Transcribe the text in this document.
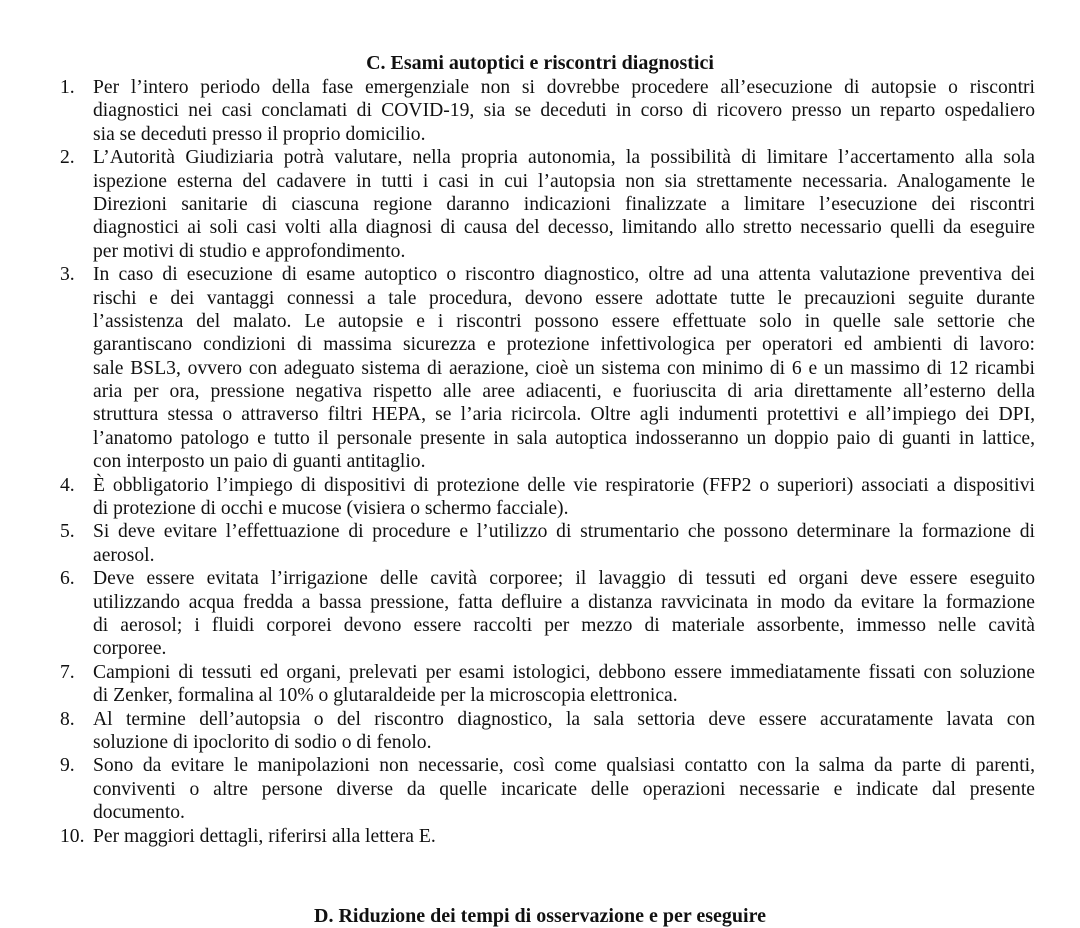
C. Esami autoptici e riscontri diagnostici
1. Per l’intero periodo della fase emergenziale non si dovrebbe procedere all’esecuzione di autopsie o riscontri
diagnostici nei casi conclamati di COVID-19, sia se deceduti in corso di ricovero presso un reparto ospedaliero
sia se deceduti presso il proprio domicilio.
2. L’Autorità Giudiziaria potrà valutare, nella propria autonomia, la possibilità di limitare l’accertamento alla sola
ispezione esterna del cadavere in tutti i casi in cui l’autopsia non sia strettamente necessaria. Analogamente le
Direzioni sanitarie di ciascuna regione daranno indicazioni finalizzate a limitare l’esecuzione dei riscontri
diagnostici ai soli casi volti alla diagnosi di causa del decesso, limitando allo stretto necessario quelli da eseguire
per motivi di studio e approfondimento.
3. In caso di esecuzione di esame autoptico o riscontro diagnostico, oltre ad una attenta valutazione preventiva dei
rischi e dei vantaggi connessi a tale procedura, devono essere adottate tutte le precauzioni seguite durante
l’assistenza del malato. Le autopsie e i riscontri possono essere effettuate solo in quelle sale settorie che
garantiscano condizioni di massima sicurezza e protezione infettivologica per operatori ed ambienti di lavoro:
sale BSL3, ovvero con adeguato sistema di aerazione, cioè un sistema con minimo di 6 e un massimo di 12 ricambi
aria per ora, pressione negativa rispetto alle aree adiacenti, e fuoriuscita di aria direttamente all’esterno della
struttura stessa o attraverso filtri HEPA, se l’aria ricircola. Oltre agli indumenti protettivi e all’impiego dei DPI,
l’anatomo patologo e tutto il personale presente in sala autoptica indosseranno un doppio paio di guanti in lattice,
con interposto un paio di guanti antitaglio.
4. È obbligatorio l’impiego di dispositivi di protezione delle vie respiratorie (FFP2 o superiori) associati a dispositivi
di protezione di occhi e mucose (visiera o schermo facciale).
5. Si deve evitare l’effettuazione di procedure e l’utilizzo di strumentario che possono determinare la formazione di
aerosol.
6. Deve essere evitata l’irrigazione delle cavità corporee; il lavaggio di tessuti ed organi deve essere eseguito
utilizzando acqua fredda a bassa pressione, fatta defluire a distanza ravvicinata in modo da evitare la formazione
di aerosol; i fluidi corporei devono essere raccolti per mezzo di materiale assorbente, immesso nelle cavità
corporee.
7. Campioni di tessuti ed organi, prelevati per esami istologici, debbono essere immediatamente fissati con soluzione
di Zenker, formalina al 10% o glutaraldeide per la microscopia elettronica.
8. Al termine dell’autopsia o del riscontro diagnostico, la sala settoria deve essere accuratamente lavata con
soluzione di ipoclorito di sodio o di fenolo.
9. Sono da evitare le manipolazioni non necessarie, così come qualsiasi contatto con la salma da parte di parenti,
conviventi o altre persone diverse da quelle incaricate delle operazioni necessarie e indicate dal presente
documento.
10. Per maggiori dettagli, riferirsi alla lettera E.
D. Riduzione dei tempi di osservazione e per eseguire
